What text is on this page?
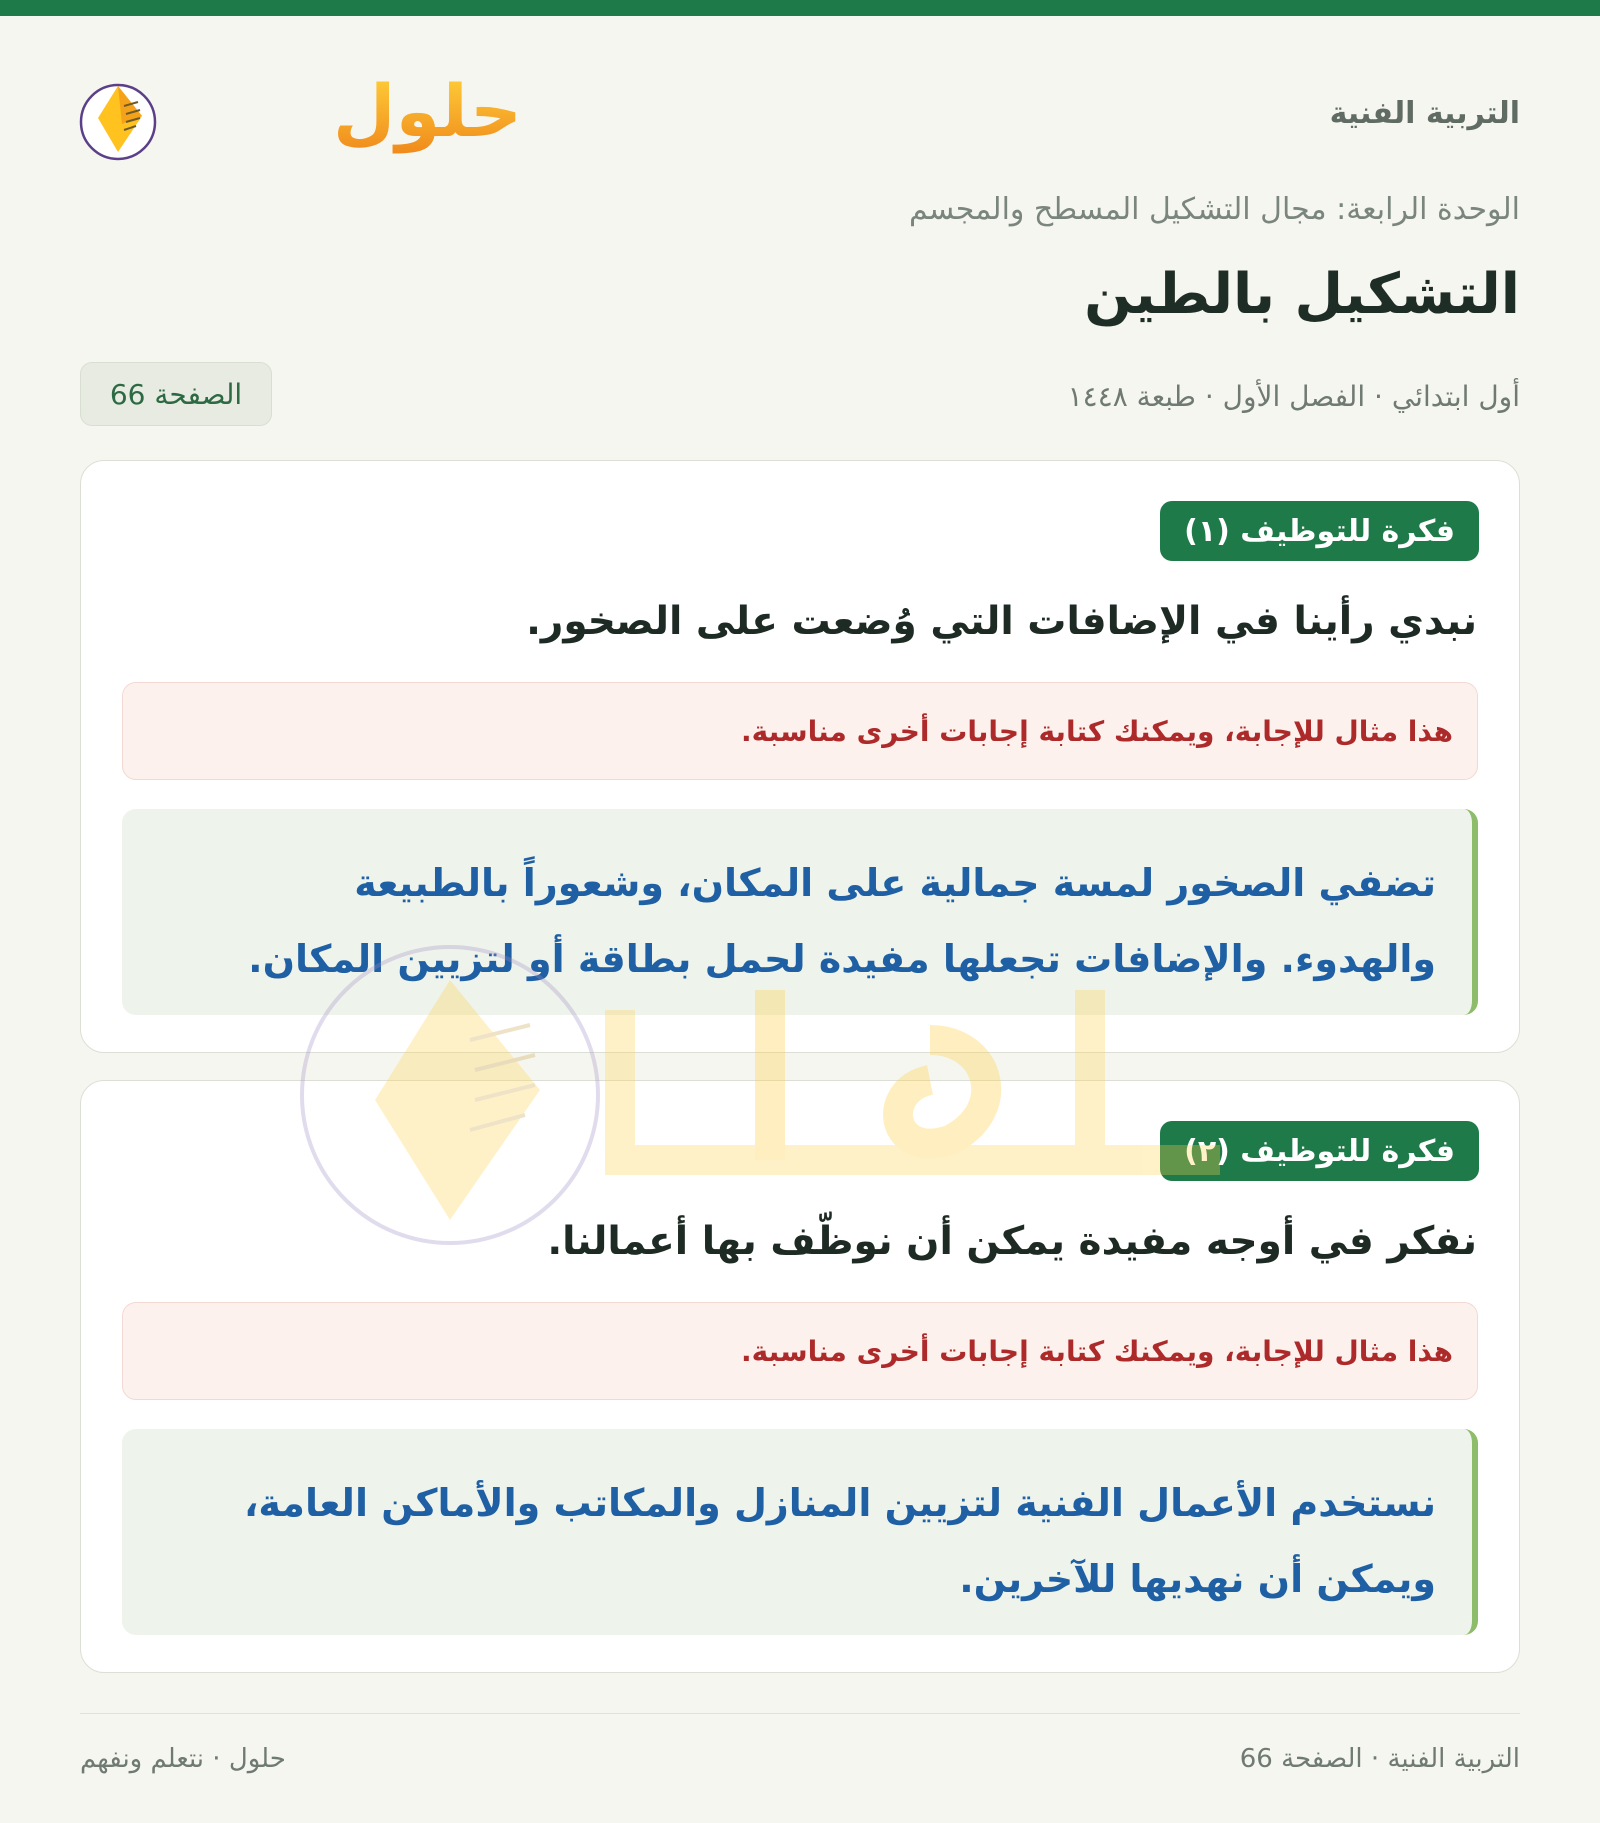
التربية الفنية
حلول
الوحدة الرابعة: مجال التشكيل المسطح والمجسم
التشكيل بالطين
أول ابتدائي · الفصل الأول · طبعة ١٤٤٨
الصفحة 66
فكرة للتوظيف (١)
نبدي رأينا في الإضافات التي وُضعت على الصخور.
هذا مثال للإجابة، ويمكنك كتابة إجابات أخرى مناسبة.
تضفي الصخور لمسة جمالية على المكان، وشعوراً بالطبيعة
والهدوء. والإضافات تجعلها مفيدة لحمل بطاقة أو لتزيين المكان.
فكرة للتوظيف (٢)
نفكر في أوجه مفيدة يمكن أن نوظّف بها أعمالنا.
هذا مثال للإجابة، ويمكنك كتابة إجابات أخرى مناسبة.
نستخدم الأعمال الفنية لتزيين المنازل والمكاتب والأماكن العامة،
ويمكن أن نهديها للآخرين.
التربية الفنية · الصفحة 66
حلول · نتعلم ونفهم
